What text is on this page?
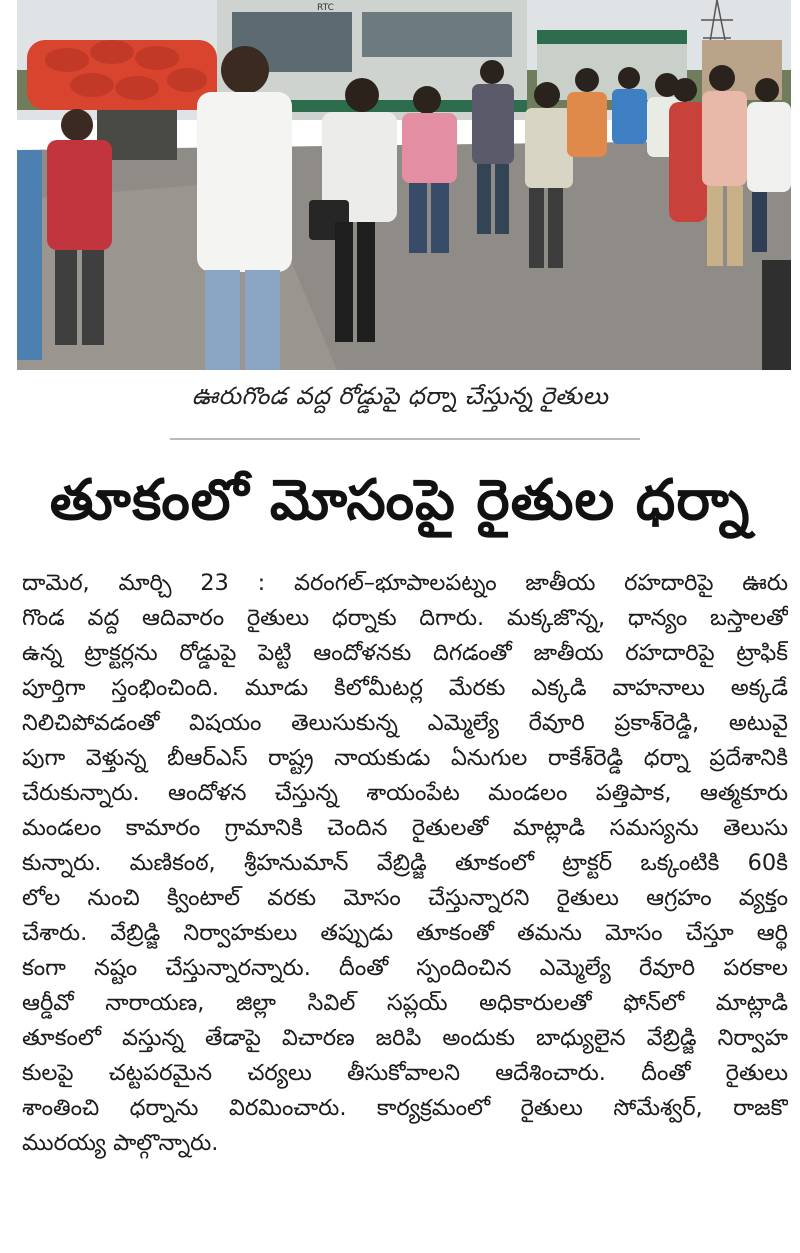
RTC
ఊరుగొండ వద్ద రోడ్డుపై ధర్నా చేస్తున్న రైతులు
తూకంలో మోసంపై రైతుల ధర్నా
దామెర, మార్చి 23 : వరంగల్‌–భూపాలపట్నం జాతీయ రహదారిపై ఊరు
గొండ వద్ద ఆదివారం రైతులు ధర్నాకు దిగారు. మక్కజొన్న, ధాన్యం బస్తాలతో
ఉన్న ట్రాక్టర్లను రోడ్డుపై పెట్టి ఆందోళనకు దిగడంతో జాతీయ రహదారిపై ట్రాఫిక్‌
పూర్తిగా స్తంభించింది. మూడు కిలోమీటర్ల మేరకు ఎక్కడి వాహనాలు అక్కడే
నిలిచిపోవడంతో విషయం తెలుసుకున్న ఎమ్మెల్యే రేవూరి ప్రకాశ్‌రెడ్డి, అటువై
పుగా వెళ్తున్న బీఆర్‌ఎస్‌ రాష్ట్ర నాయకుడు ఏనుగుల రాకేశ్‌రెడ్డి ధర్నా ప్రదేశానికి
చేరుకున్నారు. ఆందోళన చేస్తున్న శాయంపేట మండలం పత్తిపాక, ఆత్మకూరు
మండలం కామారం గ్రామానికి చెందిన రైతులతో మాట్లాడి సమస్యను తెలుసు
కున్నారు. మణికంఠ, శ్రీహనుమాన్‌ వేబ్రిడ్జి తూకంలో ట్రాక్టర్‌ ఒక్కంటికి 60కి
లోల నుంచి క్వింటాల్‌ వరకు మోసం చేస్తున్నారని రైతులు ఆగ్రహం వ్యక్తం
చేశారు. వేబ్రిడ్జి నిర్వాహకులు తప్పుడు తూకంతో తమను మోసం చేస్తూ ఆర్థి
కంగా నష్టం చేస్తున్నారన్నారు. దీంతో స్పందించిన ఎమ్మెల్యే రేవూరి పరకాల
ఆర్డీవో నారాయణ, జిల్లా సివిల్‌ సప్లయ్‌ అధికారులతో ఫోన్‌లో మాట్లాడి
తూకంలో వస్తున్న తేడాపై విచారణ జరిపి అందుకు బాధ్యులైన వేబ్రిడ్జి నిర్వాహ
కులపై చట్టపరమైన చర్యలు తీసుకోవాలని ఆదేశించారు. దీంతో రైతులు
శాంతించి ధర్నాను విరమించారు. కార్యక్రమంలో రైతులు సోమేశ్వర్‌, రాజకొ
మురయ్య పాల్గొన్నారు.
